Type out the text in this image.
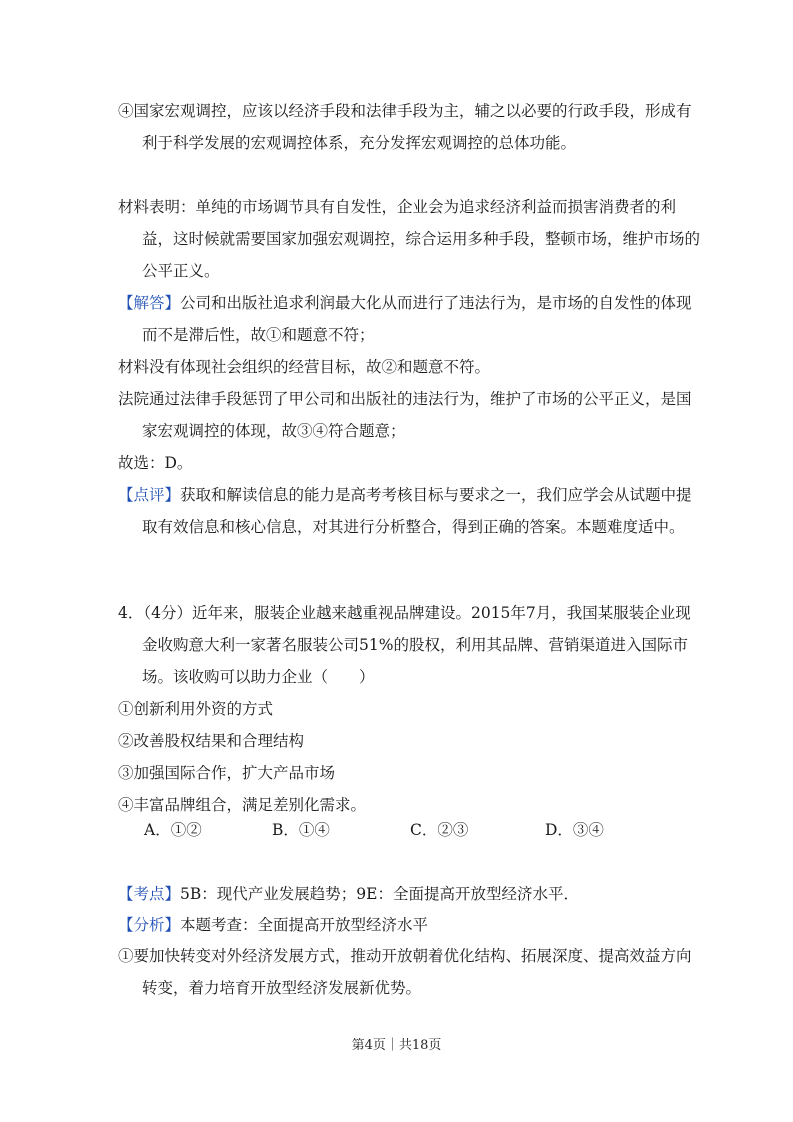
④国家宏观调控，应该以经济手段和法律手段为主，辅之以必要的行政手段，形成有利于科学发展的宏观调控体系，充分发挥宏观调控的总体功能。

材料表明：单纯的市场调节具有自发性，企业会为追求经济利益而损害消费者的利益，这时候就需要国家加强宏观调控，综合运用多种手段，整顿市场，维护市场的公平正义。

【解答】公司和出版社追求利润最大化从而进行了违法行为，是市场的自发性的体现而不是滞后性，故①和题意不符；

材料没有体现社会组织的经营目标，故②和题意不符。

法院通过法律手段惩罚了甲公司和出版社的违法行为，维护了市场的公平正义，是国家宏观调控的体现，故③④符合题意；

故选：D。

【点评】获取和解读信息的能力是高考考核目标与要求之一，我们应学会从试题中提取有效信息和核心信息，对其进行分析整合，得到正确的答案。本题难度适中。

4．（4分）近年来，服装企业越来越重视品牌建设。2015年7月，我国某服装企业现金收购意大利一家著名服装公司51%的股权，利用其品牌、营销渠道进入国际市场。该收购可以助力企业（　　）

①创新利用外资的方式

②改善股权结果和合理结构

③加强国际合作，扩大产品市场

④丰富品牌组合，满足差别化需求。

A．①②	B．①④	C．②③	D．③④

【考点】5B：现代产业发展趋势；9E：全面提高开放型经济水平．

【分析】本题考查：全面提高开放型经济水平

①要加快转变对外经济发展方式，推动开放朝着优化结构、拓展深度、提高效益方向转变，着力培育开放型经济发展新优势。

第4页｜共18页
